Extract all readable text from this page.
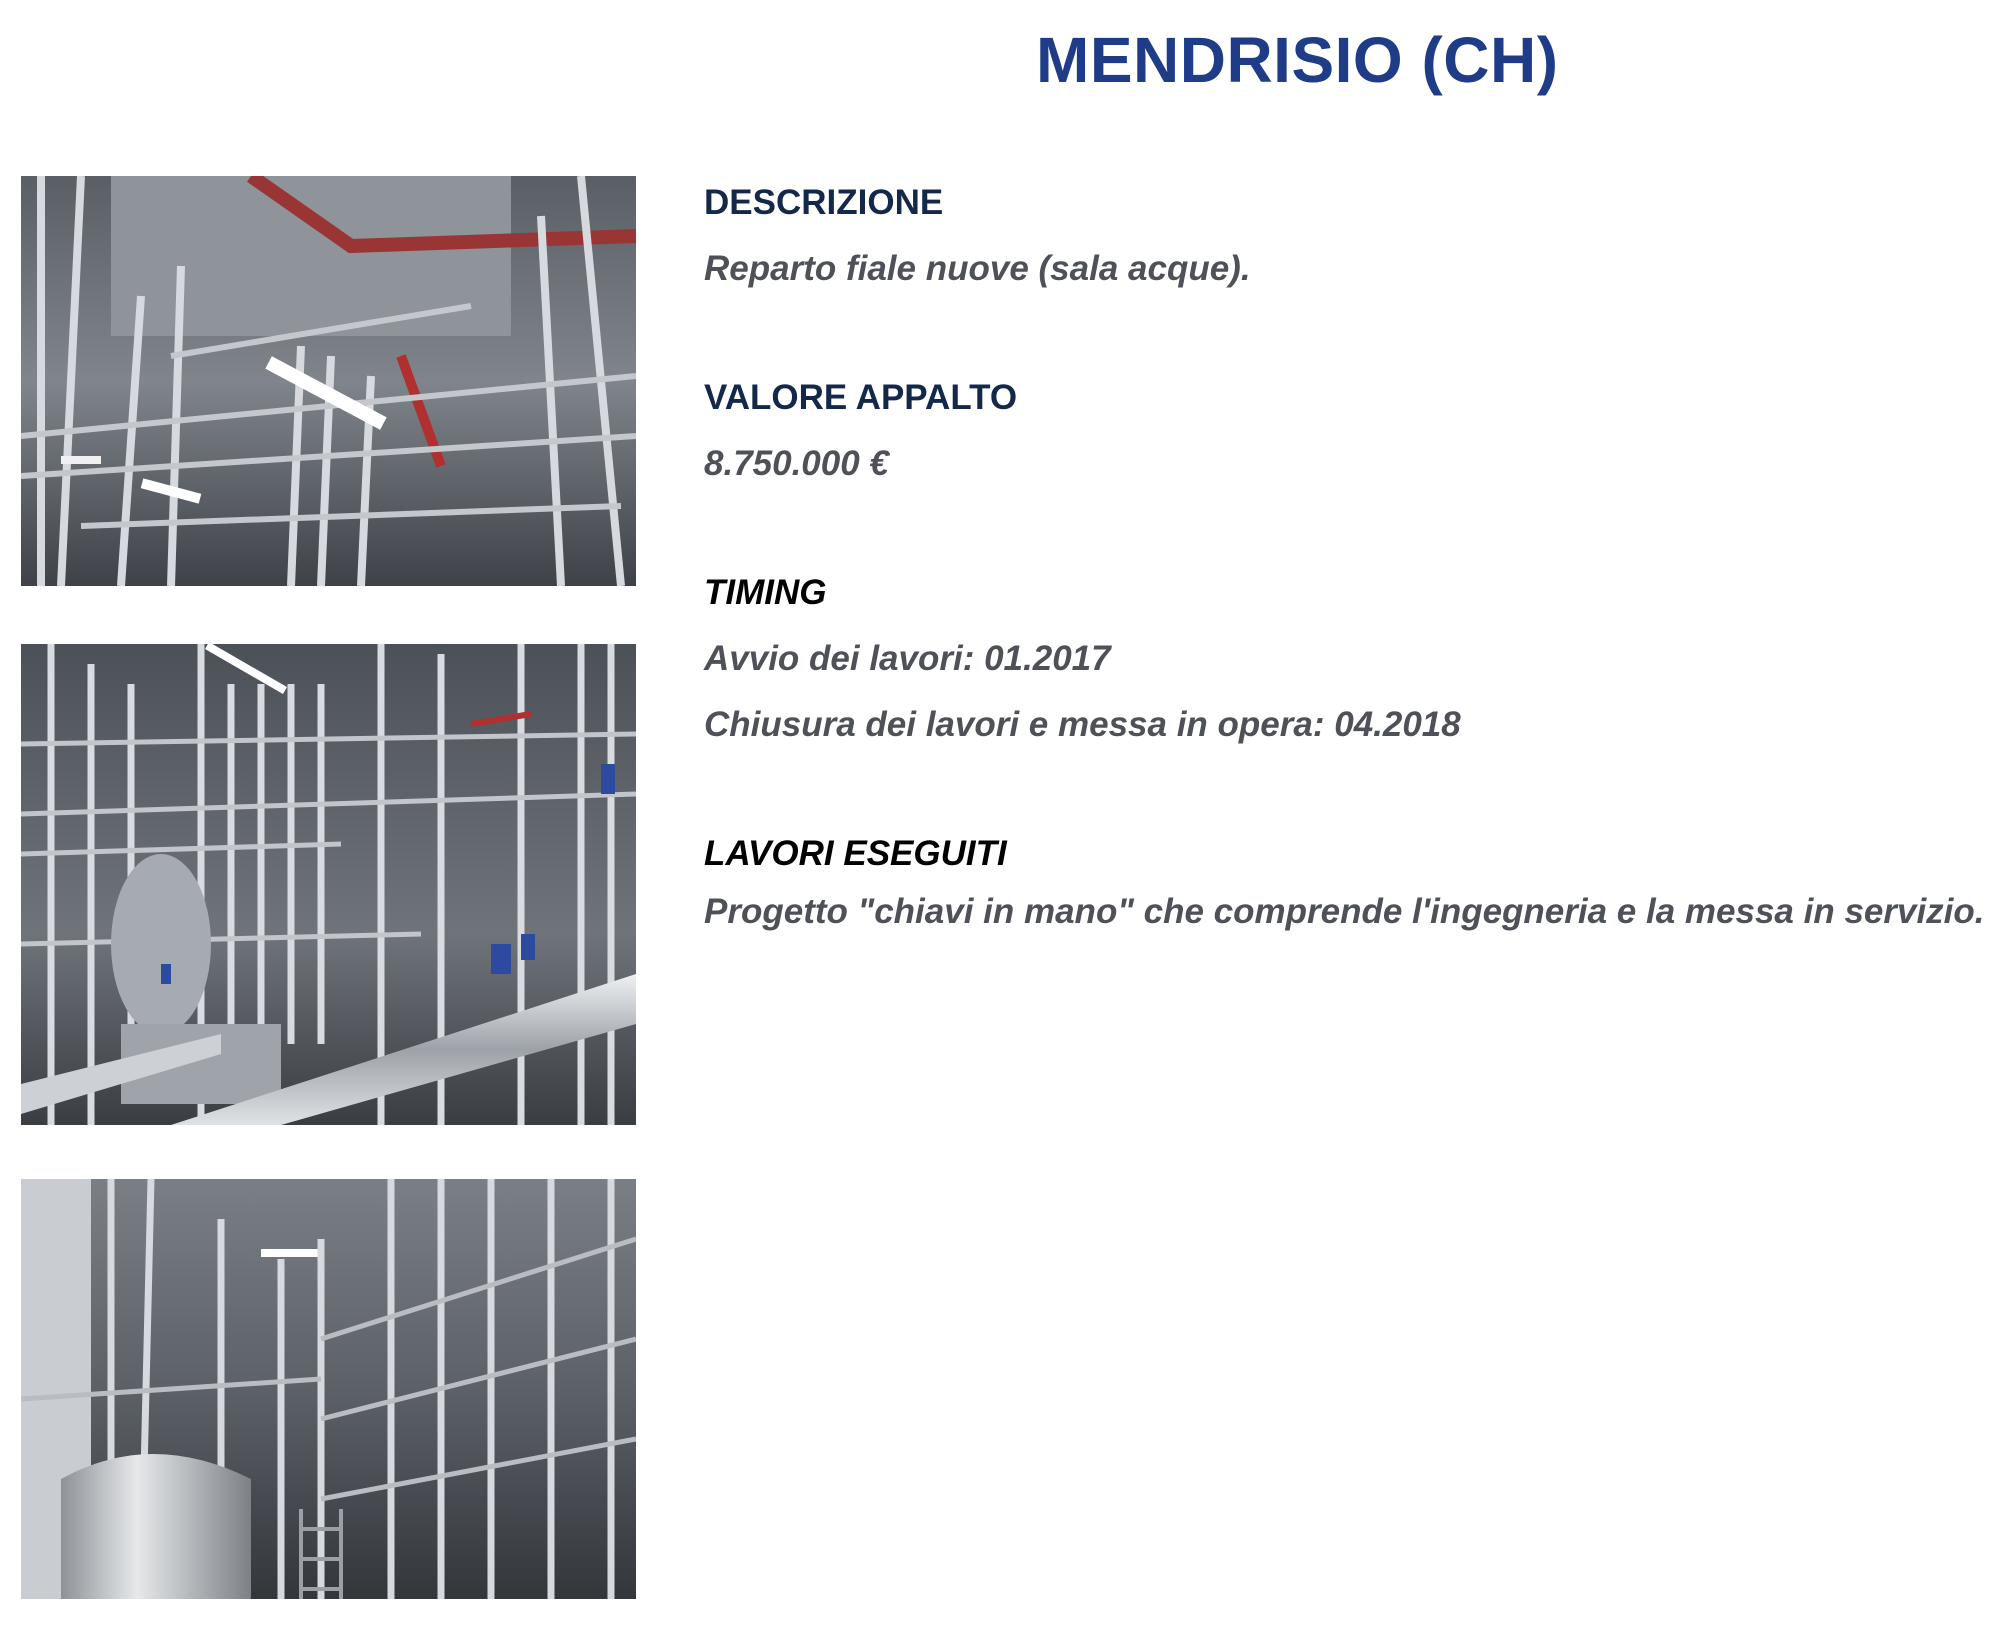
MENDRISIO (CH)
DESCRIZIONE

Reparto fiale nuove (sala acque).

VALORE APPALTO

8.750.000 €

TIMING

Avvio dei lavori: 01.2017

Chiusura dei lavori e messa in opera: 04.2018

LAVORI ESEGUITI

Progetto "chiavi in mano" che comprende l'ingegneria e la messa in servizio.
